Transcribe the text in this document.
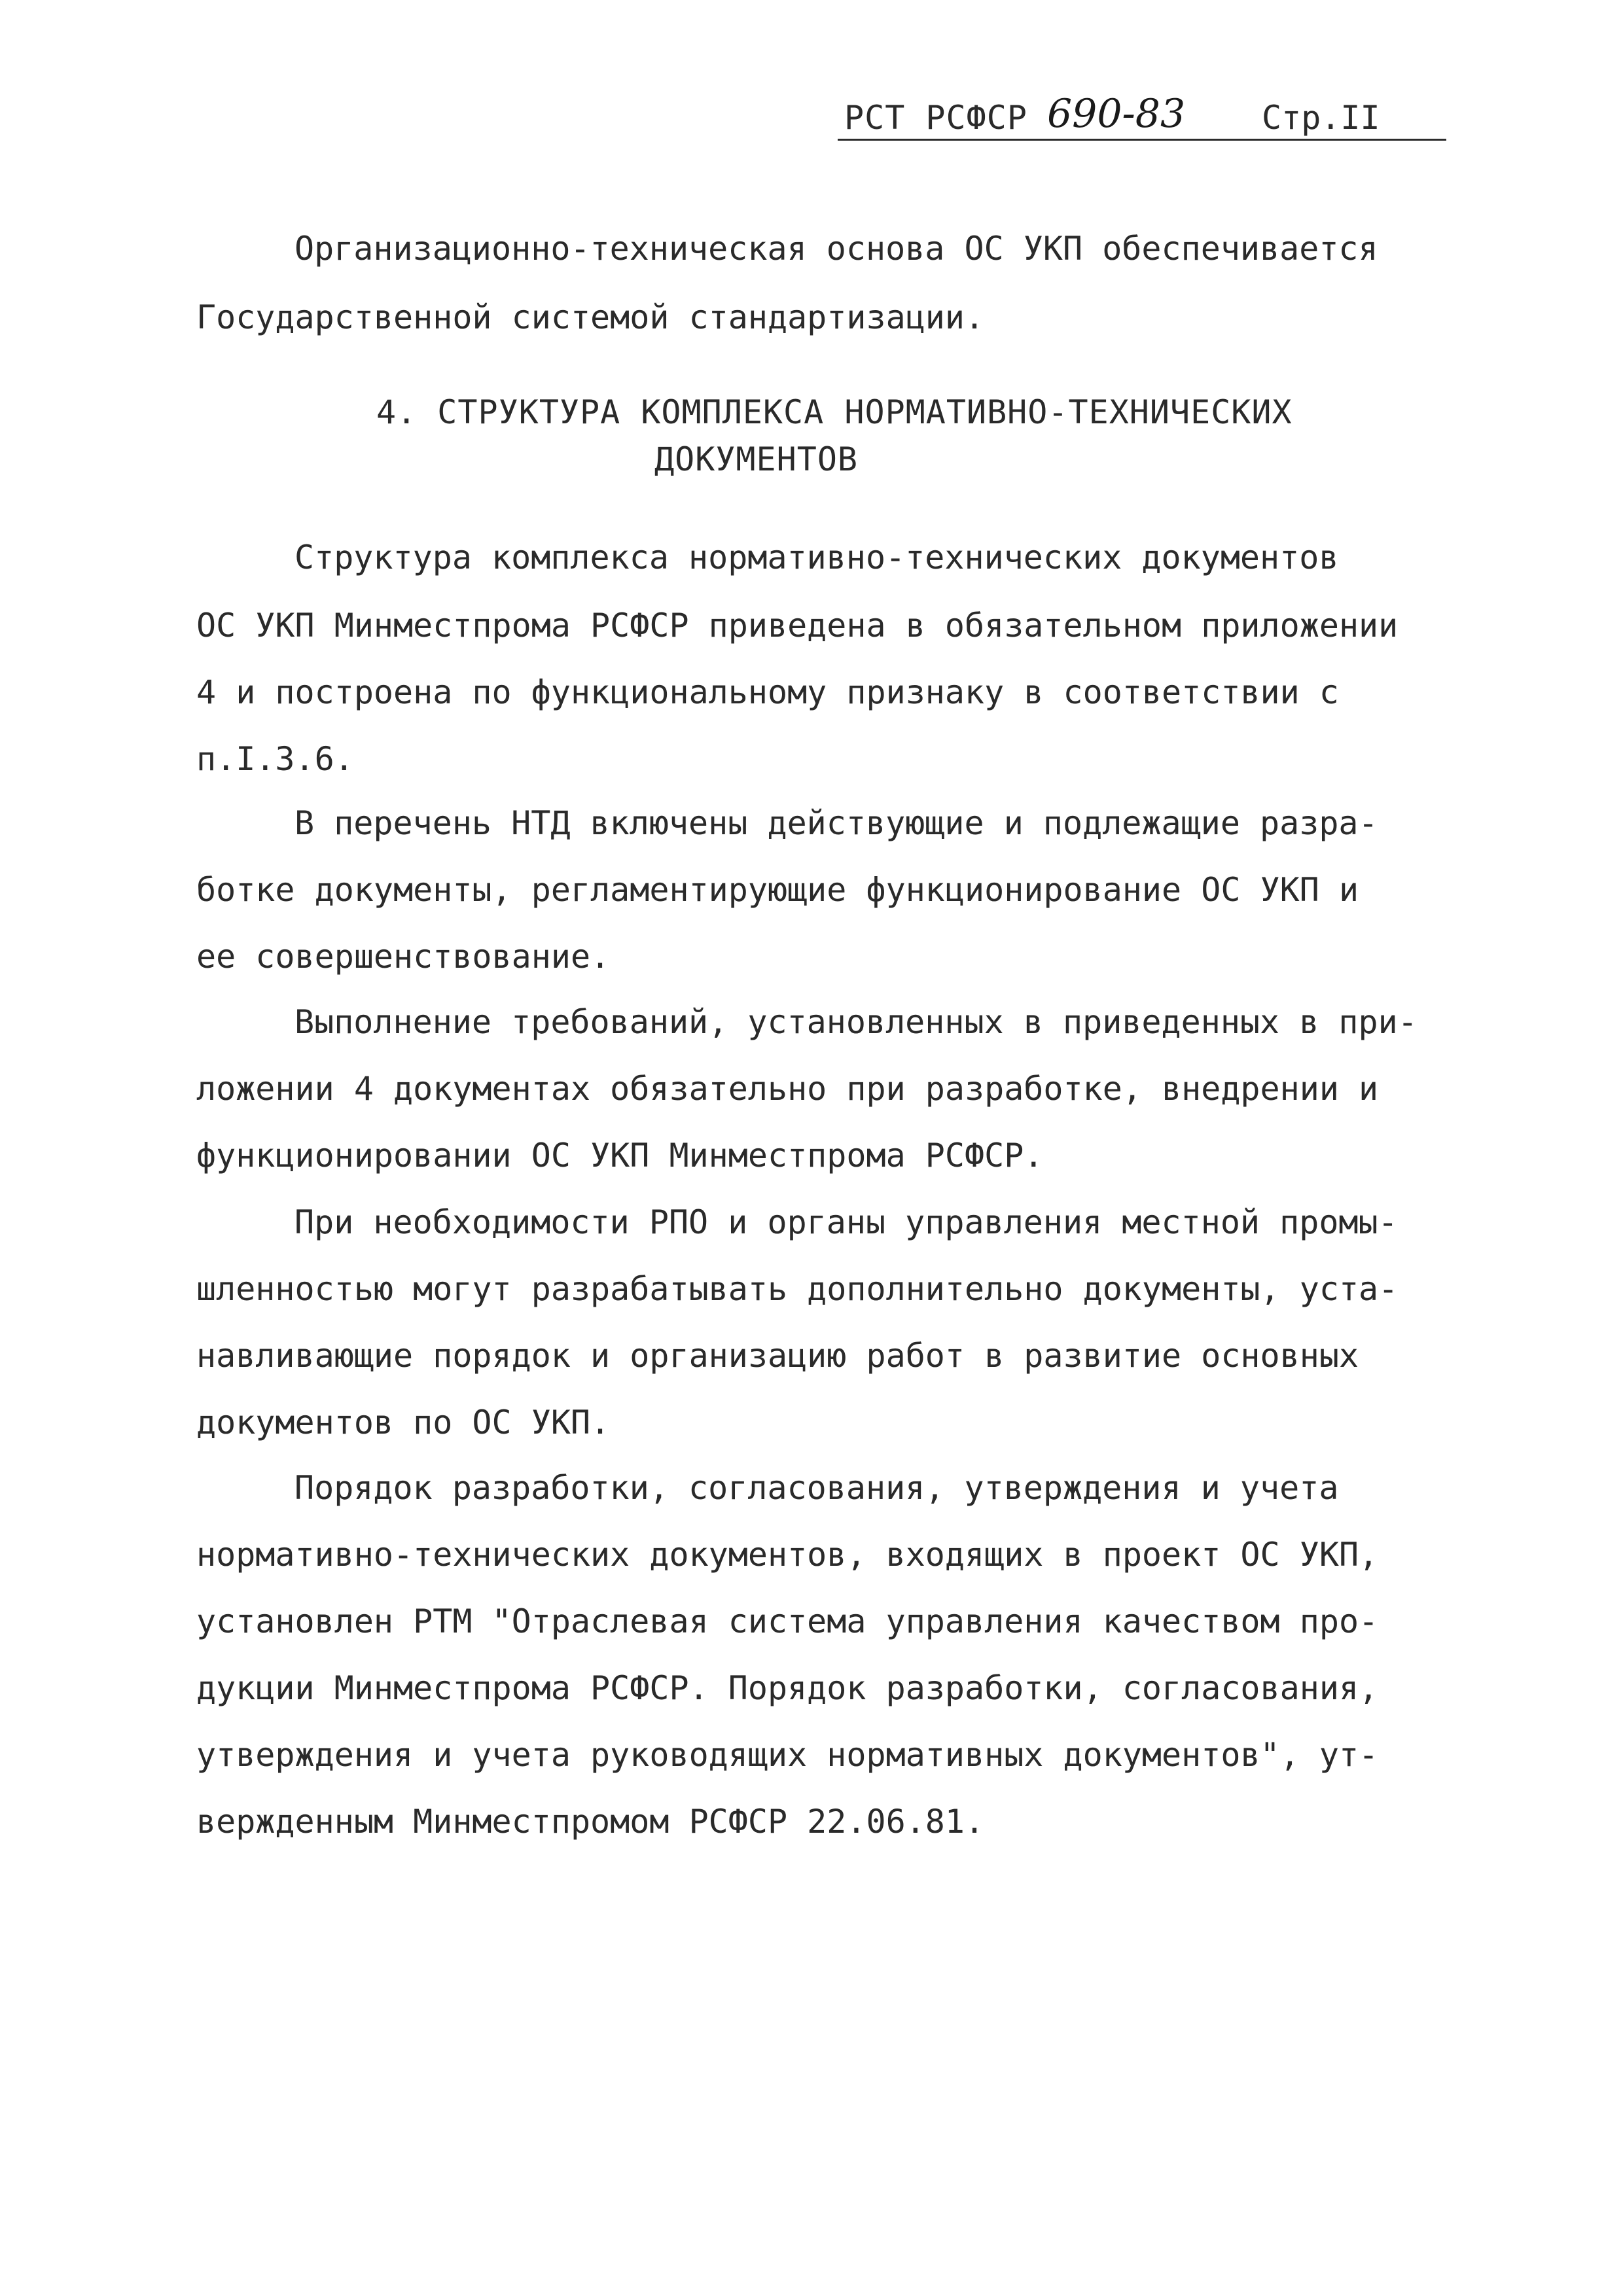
РСТ РСФСР 690-83 Стр.II
Организационно-техническая основа ОС УКП обеспечивается
Государственной системой стандартизации.
4. СТРУКТУРА КОМПЛЕКСА НОРМАТИВНО-ТЕХНИЧЕСКИХ
ДОКУМЕНТОВ
Структура комплекса нормативно-технических документов
ОС УКП Минместпрома РСФСР приведена в обязательном приложении
4 и построена по функциональному признаку в соответствии с
п.I.3.6.
В перечень НТД включены действующие и подлежащие разра-
ботке документы, регламентирующие функционирование ОС УКП и
ее совершенствование.
Выполнение требований, установленных в приведенных в при-
ложении 4 документах обязательно при разработке, внедрении и
функционировании ОС УКП Минместпрома РСФСР.
При необходимости РПО и органы управления местной промы-
шленностью могут разрабатывать дополнительно документы, уста-
навливающие порядок и организацию работ в развитие основных
документов по ОС УКП.
Порядок разработки, согласования, утверждения и учета
нормативно-технических документов, входящих в проект ОС УКП,
установлен РТМ "Отраслевая система управления качеством про-
дукции Минместпрома РСФСР. Порядок разработки, согласования,
утверждения и учета руководящих нормативных документов", ут-
вержденным Минместпромом РСФСР 22.06.81.
